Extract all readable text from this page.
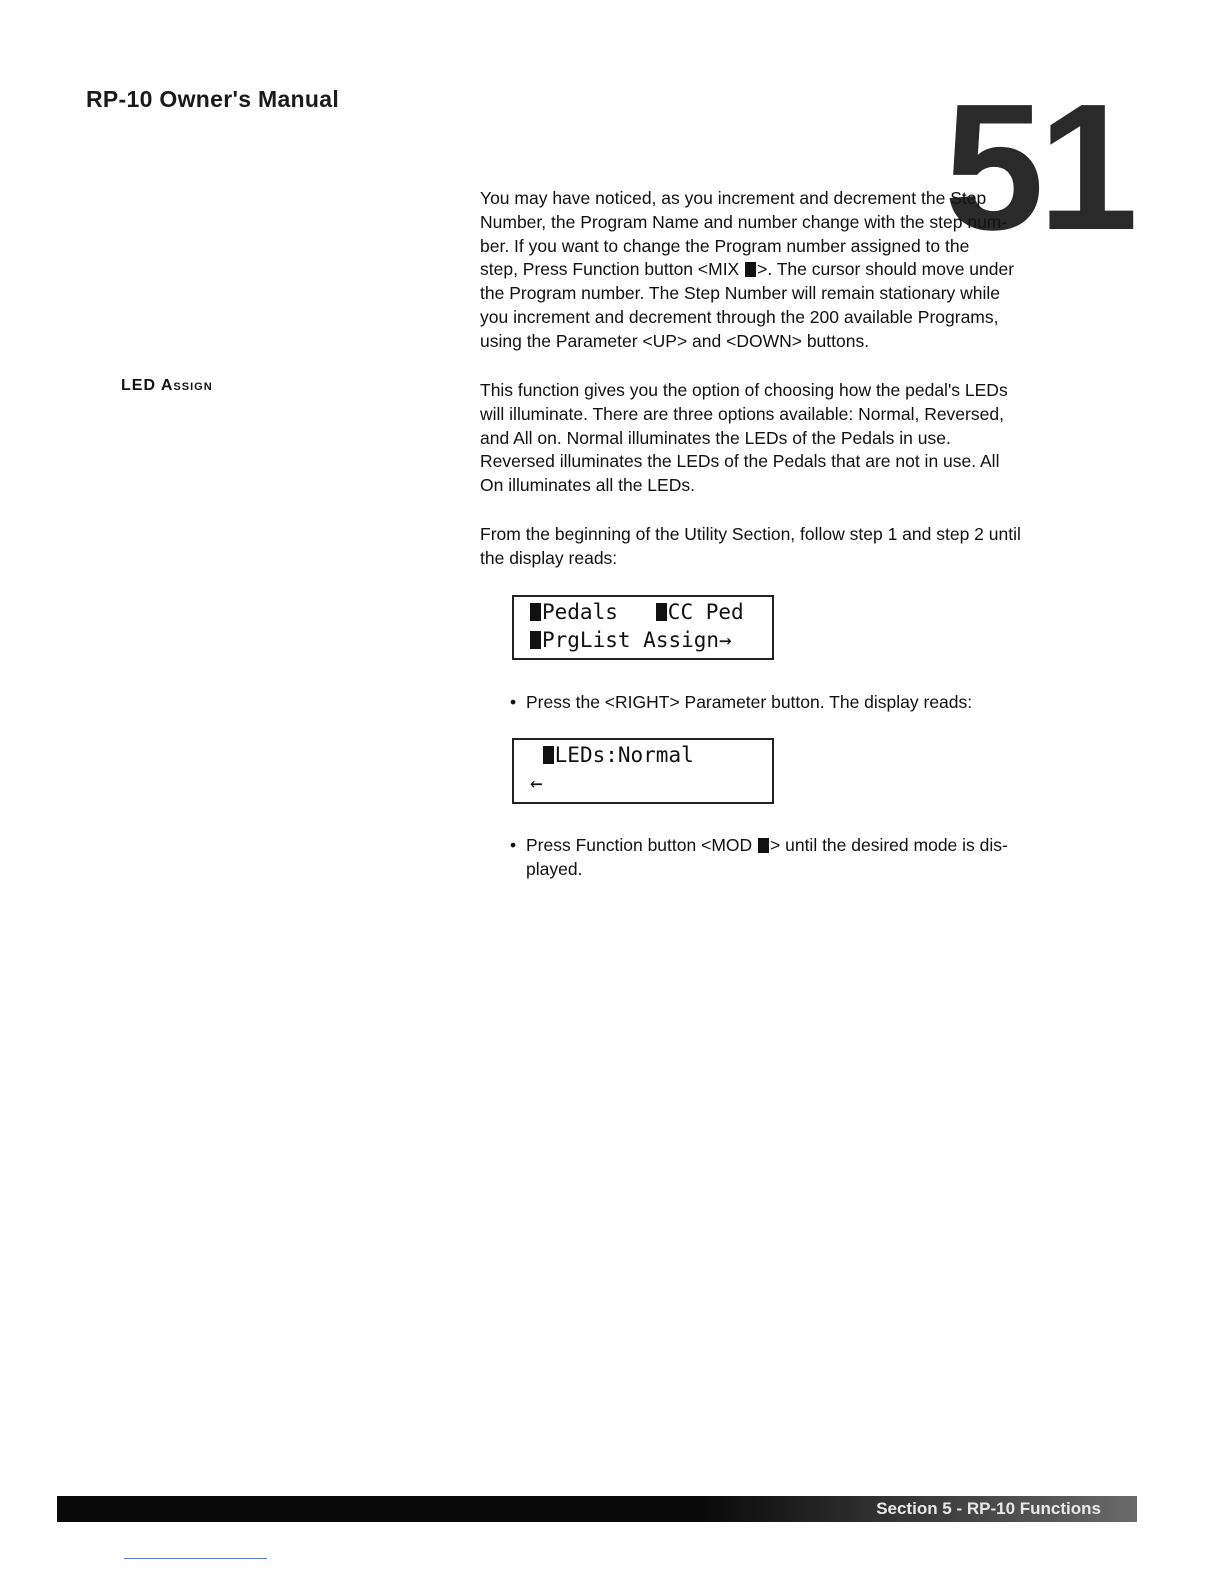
RP-10 Owner's Manual	51
LED Assign

You may have noticed, as you increment and decrement the Step
Number, the Program Name and number change with the step num-
ber. If you want to change the Program number assigned to the
step, Press Function button <MIX >. The cursor should move under
the Program number. The Step Number will remain stationary while
you increment and decrement through the 200 available Programs,
using the Parameter <UP> and <DOWN> buttons.

This function gives you the option of choosing how the pedal's LEDs
will illuminate. There are three options available: Normal, Reversed,
and All on. Normal illuminates the LEDs of the Pedals in use.
Reversed illuminates the LEDs of the Pedals that are not in use. All
On illuminates all the LEDs.

From the beginning of the Utility Section, follow step 1 and step 2 until
the display reads:

Pedals CC Ped
PrgList Assign→
• Press the <RIGHT> Parameter button. The display reads:
LEDs:Normal
←
• Press Function button <MOD > until the desired mode is dis-
played.
Section 5 - RP-10 Functions
